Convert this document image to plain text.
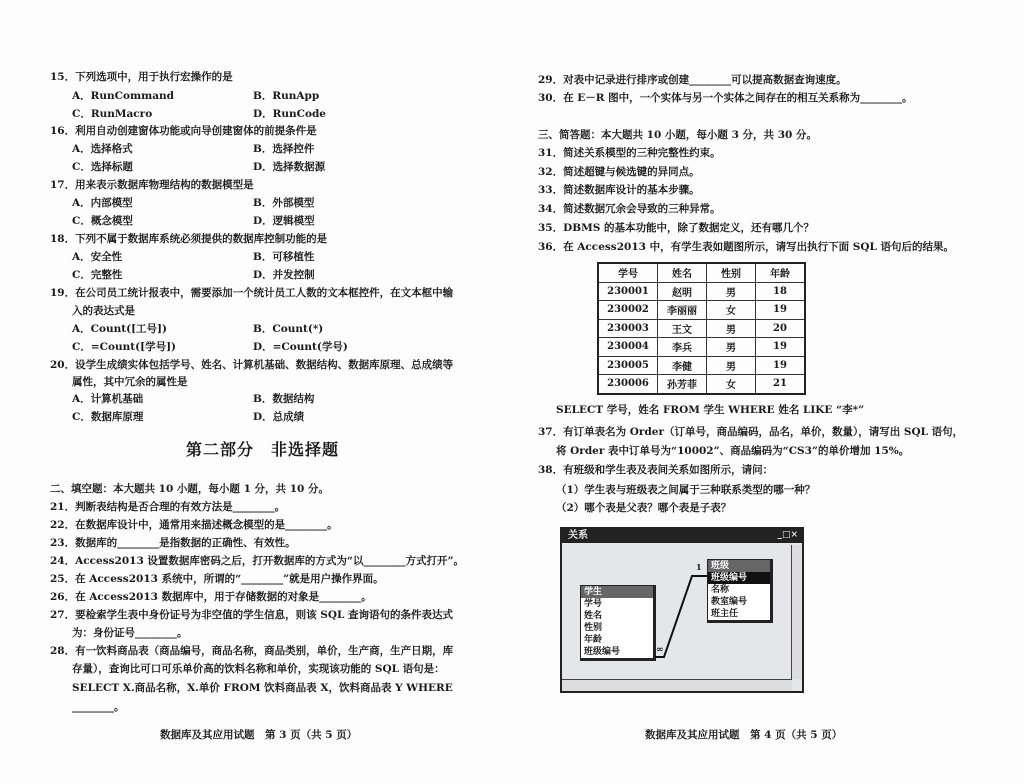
15．下列选项中，用于执行宏操作的是
A．RunCommand	B．RunApp
C．RunMacro	D．RunCode
16．利用自动创建窗体功能或向导创建窗体的前提条件是
A．选择格式	B．选择控件
C．选择标题	D．选择数据源
17．用来表示数据库物理结构的数据模型是
A．内部模型	B．外部模型
C．概念模型	D．逻辑模型
18．下列不属于数据库系统必须提供的数据库控制功能的是
A．安全性	B．可移植性
C．完整性	D．并发控制
19．在公司员工统计报表中，需要添加一个统计员工人数的文本框控件，在文本框中输
入的表达式是
A．Count([工号])	B．Count(*)
C．=Count([学号])	D．=Count(学号)
20．设学生成绩实体包括学号、姓名、计算机基础、数据结构、数据库原理、总成绩等
属性，其中冗余的属性是
A．计算机基础	B．数据结构
C．数据库原理	D．总成绩
第二部分　非选择题
二、填空题：本大题共 10 小题，每小题 1 分，共 10 分。
21．判断表结构是否合理的有效方法是________。
22．在数据库设计中，通常用来描述概念模型的是________。
23．数据库的________是指数据的正确性、有效性。
24．Access2013 设置数据库密码之后，打开数据库的方式为“以________方式打开”。
25．在 Access2013 系统中，所谓的“________”就是用户操作界面。
26．在 Access2013 数据库中，用于存储数据的对象是________。
27．要检索学生表中身份证号为非空值的学生信息，则该 SQL 查询语句的条件表达式
为：身份证号________。
28．有一饮料商品表（商品编号，商品名称，商品类别，单价，生产商，生产日期，库
存量），查询比可口可乐单价高的饮料名称和单价，实现该功能的 SQL 语句是：
SELECT X.商品名称，X.单价 FROM 饮料商品表 X，饮料商品表 Y WHERE
________。
数据库及其应用试题　第 3 页（共 5 页）
29．对表中记录进行排序或创建________可以提高数据查询速度。
30．在 E－R 图中，一个实体与另一个实体之间存在的相互关系称为________。
三、简答题：本大题共 10 小题，每小题 3 分，共 30 分。
31．简述关系模型的三种完整性约束。
32．简述超键与候选键的异同点。
33．简述数据库设计的基本步骤。
34．简述数据冗余会导致的三种异常。
35．DBMS 的基本功能中，除了数据定义，还有哪几个？
36．在 Access2013 中，有学生表如题图所示，请写出执行下面 SQL 语句后的结果。
学号	姓名	性别	年龄
230001	赵明	男	18
230002	李丽丽	女	19
230003	王文	男	20
230004	李兵	男	19
230005	李健	男	19
230006	孙芳菲	女	21
SELECT 学号，姓名 FROM 学生 WHERE 姓名 LIKE “李*”
37．有订单表名为 Order（订单号，商品编码，品名，单价，数量），请写出 SQL 语句，
将 Order 表中订单号为“10002”、商品编码为“CS3”的单价增加 15%。
38．有班级和学生表及表间关系如图所示，请问：
（1）学生表与班级表之间属于三种联系类型的哪一种？
（2）哪个表是父表？哪个表是子表？
关系	_□×
学生
学号
姓名
性别
年龄
班级编号
班级
班级编号
名称
教室编号
班主任
1
∞
数据库及其应用试题　第 4 页（共 5 页）
